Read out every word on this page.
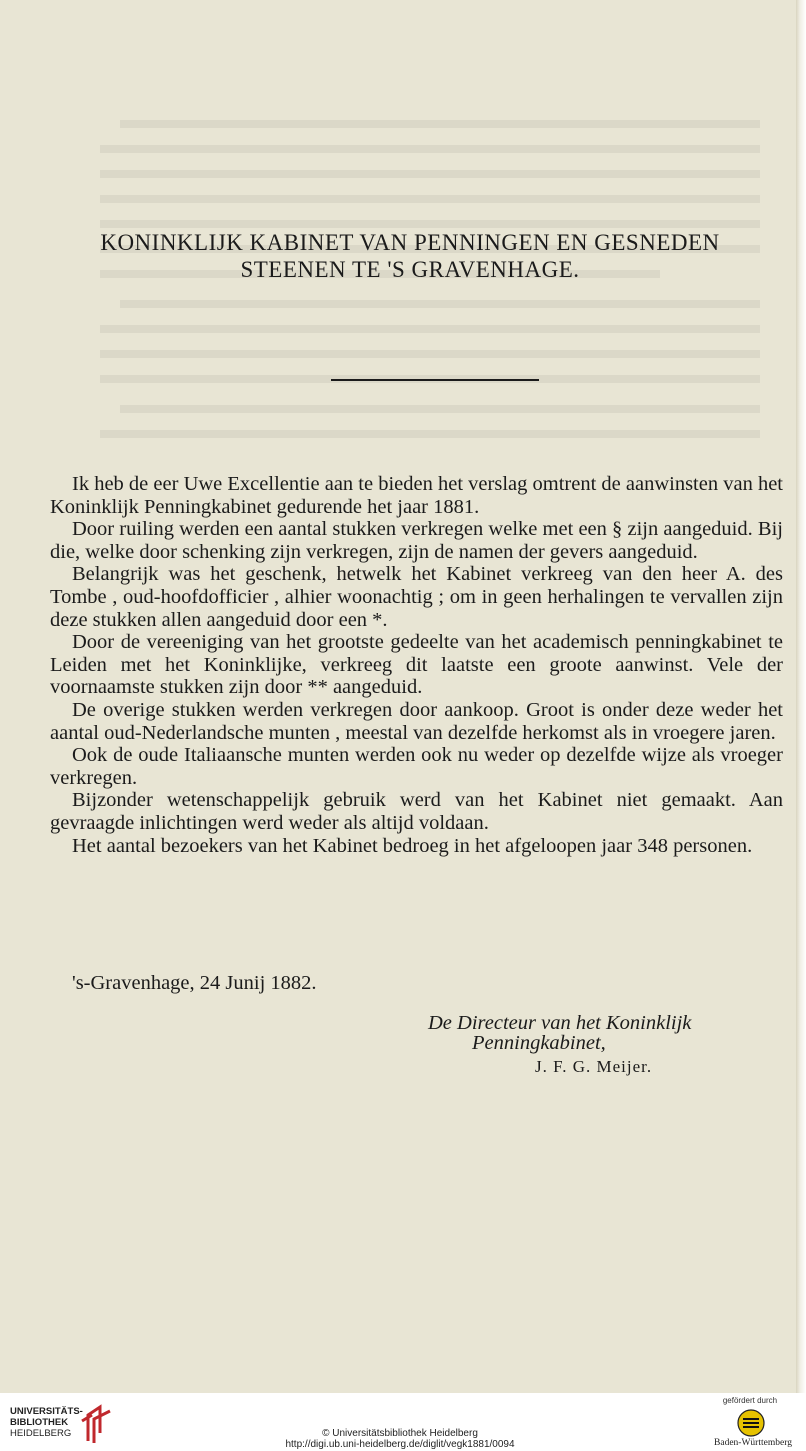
KONINKLIJK KABINET VAN PENNINGEN EN GESNEDEN
STEENEN TE 'S GRAVENHAGE.

Ik heb de eer Uwe Excellentie aan te bieden het verslag omtrent de aanwinsten van het Koninklijk Penningkabinet gedurende het jaar 1881.

Door ruiling werden een aantal stukken verkregen welke met een § zijn aangeduid. Bij die, welke door schenking zijn verkregen, zijn de namen der gevers aangeduid.

Belangrijk was het geschenk, hetwelk het Kabinet verkreeg van den heer A. des Tombe , oud-hoofdofficier , alhier woonachtig ; om in geen herhalingen te vervallen zijn deze stukken allen aangeduid door een *.

Door de vereeniging van het grootste gedeelte van het academisch penningkabinet te Leiden met het Koninklijke, verkreeg dit laatste een groote aanwinst. Vele der voornaamste stukken zijn door ** aangeduid.

De overige stukken werden verkregen door aankoop. Groot is onder deze weder het aantal oud-Nederlandsche munten , meestal van dezelfde herkomst als in vroegere jaren.

Ook de oude Italiaansche munten werden ook nu weder op dezelfde wijze als vroeger verkregen.

Bijzonder wetenschappelijk gebruik werd van het Kabinet niet gemaakt. Aan gevraagde inlichtingen werd weder als altijd voldaan.

Het aantal bezoekers van het Kabinet bedroeg in het afgeloopen jaar 348 personen.

's-Gravenhage, 24 Junij 1882.
De Directeur van het Koninklijk
Penningkabinet,
J. F. G. Meijer.
UNIVERSITÄTS-
BIBLIOTHEK
HEIDELBERG	© Universitätsbibliothek Heidelberg
http://digi.ub.uni-heidelberg.de/diglit/vegk1881/0094
gefördert durch
Baden-Württemberg
